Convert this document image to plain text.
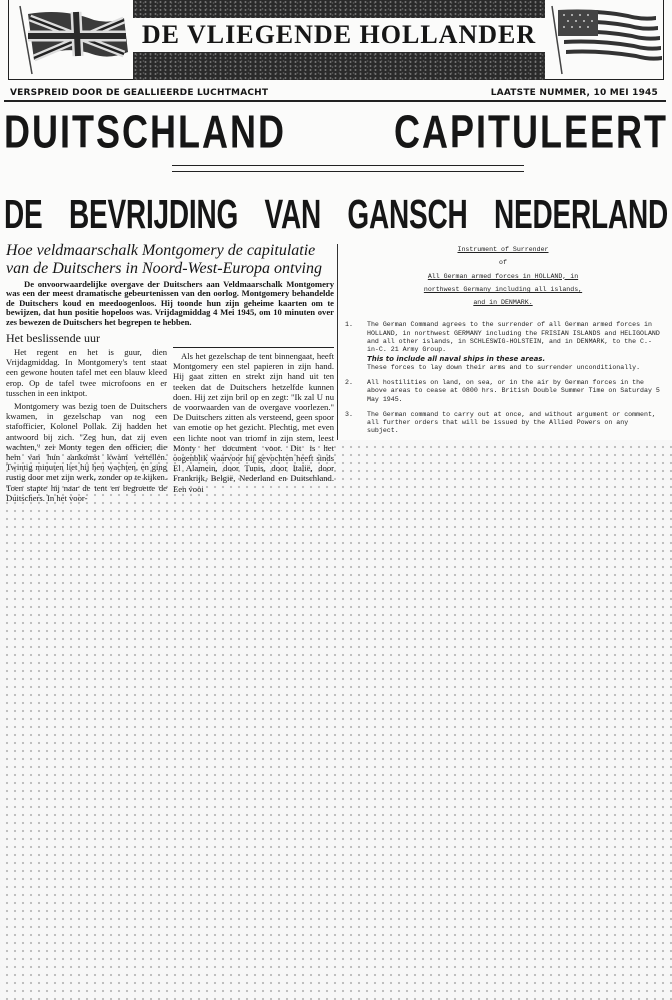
DE VLIEGENDE HOLLANDER
VERSPREID DOOR DE GEALLIEERDE LUCHTMACHT	LAATSTE NUMMER, 10 MEI 1945
DUITSCHLAND CAPITULEERT
DE BEVRIJDING VAN GANSCH NEDERLAND
Hoe veldmaarschalk Montgomery de capitulatie
van de Duitschers in Noord-West-Europa ontving
De onvoorwaardelijke overgave der Duitschers aan Veldmaarschalk Montgomery was een der meest dramatische gebeurtenissen van den oorlog. Montgomery behandelde de Duitschers koud en meedoogenloos. Hij toonde hun zijn geheime kaarten om te bewijzen, dat hun positie hopeloos was. Vrijdagmiddag 4 Mei 1945, om 10 minuten over zes bewezen de Duitschers het begrepen te hebben.
Het beslissende uur

Het regent en het is guur, dien Vrijdagmiddag. In Montgomery's tent staat een gewone houten tafel met een blauw kleed erop. Op de tafel twee microfoons en er tusschen in een inktpot.

Montgomery was bezig toen de Duitschers kwamen, in gezelschap van nog een stafofficier, Kolonel Pollak. Zij hadden het antwoord bij zich. "Zeg hun, dat zij even wachten," zei Monty tegen den officier, die hem van hun aankomst kwam vertellen. Twintig minuten liet hij hen wachten, en ging rustig door met zijn werk, zonder op te kijken. Toen stapte hij naar de tent en begroette de Duitschers. In het voor-

Als het gezelschap de tent binnengaat, heeft Montgomery een stel papieren in zijn hand. Hij gaat zitten en strekt zijn hand uit ten teeken dat de Duitschers hetzelfde kunnen doen. Hij zet zijn bril op en zegt: "Ik zal U nu de voorwaarden van de overgave voorlezen." De Duitschers zitten als versteend, geen spoor van emotie op het gezicht. Plechtig, met even een lichte noot van triomf in zijn stem, leest Monty het document voor. Dit is het oogenblik waarvoor hij gevochten heeft sinds El Alamein, door Tunis, door Italië, door Frankrijk, België, Nederland en Duitschland. Een vooi

Instrument of Surrender
of
All German armed forces in HOLLAND, in
northwest Germany including all islands,
and in DENMARK.
1.	The German Command agrees to the surrender of all German armed forces in HOLLAND, in northwest GERMANY including the FRISIAN ISLANDS and HELIGOLAND and all other islands, in SCHLESWIG-HOLSTEIN, and in DENMARK, to the C.-in-C. 21 Army Group.
This to include all naval ships in these areas.
These forces to lay down their arms and to surrender unconditionally.
2.	All hostilities on land, on sea, or in the air by German forces in the above areas to cease at 0800 hrs. British Double Summer Time on Saturday 5 May 1945.
3.	The German command to carry out at once, and without argument or comment, all further orders that will be issued by the Allied Powers on any subject.
